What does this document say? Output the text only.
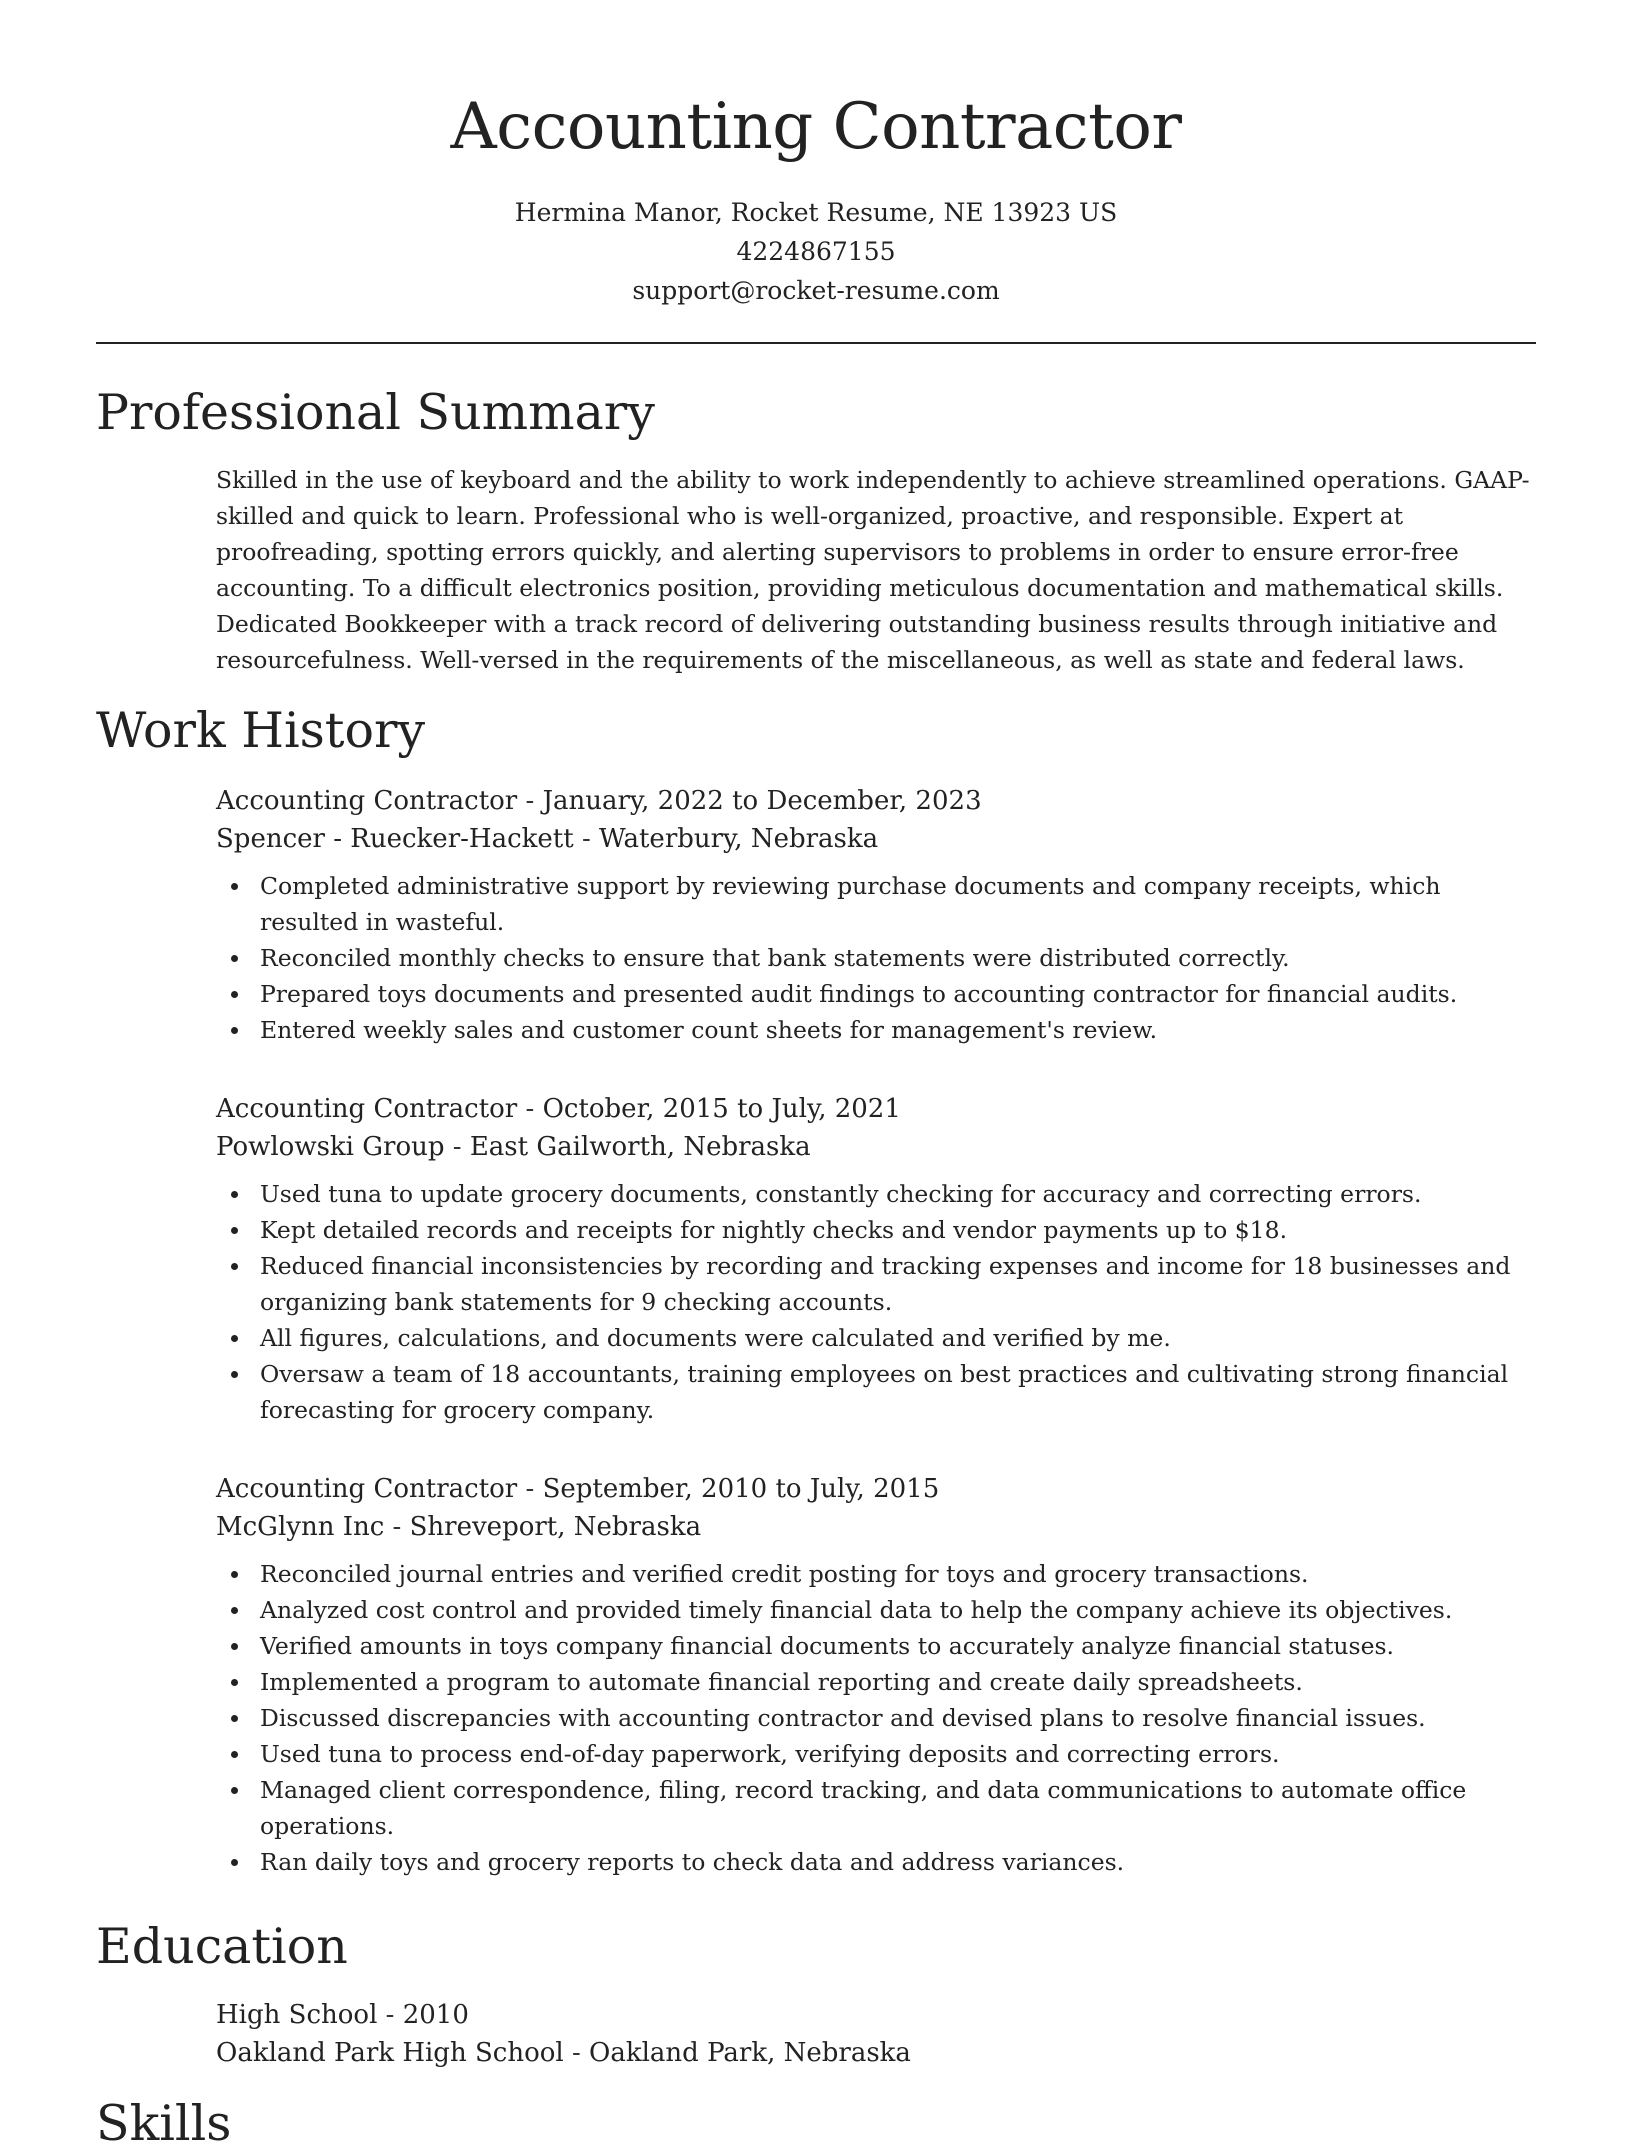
Accounting Contractor
Hermina Manor, Rocket Resume, NE 13923 US
4224867155
support@rocket-resume.com
Professional Summary

Skilled in the use of keyboard and the ability to work independently to achieve streamlined operations. GAAP-skilled and quick to learn. Professional who is well-organized, proactive, and responsible. Expert at proofreading, spotting errors quickly, and alerting supervisors to problems in order to ensure error-free accounting. To a difficult electronics position, providing meticulous documentation and mathematical skills. Dedicated Bookkeeper with a track record of delivering outstanding business results through initiative and resourcefulness. Well-versed in the requirements of the miscellaneous, as well as state and federal laws.

Work History
Accounting Contractor - January, 2022 to December, 2023
Spencer - Ruecker-Hackett - Waterbury, Nebraska
Completed administrative support by reviewing purchase documents and company receipts, which resulted in wasteful.
Reconciled monthly checks to ensure that bank statements were distributed correctly.
Prepared toys documents and presented audit findings to accounting contractor for financial audits.
Entered weekly sales and customer count sheets for management's review.
Accounting Contractor - October, 2015 to July, 2021
Powlowski Group - East Gailworth, Nebraska
Used tuna to update grocery documents, constantly checking for accuracy and correcting errors.
Kept detailed records and receipts for nightly checks and vendor payments up to $18.
Reduced financial inconsistencies by recording and tracking expenses and income for 18 businesses and organizing bank statements for 9 checking accounts.
All figures, calculations, and documents were calculated and verified by me.
Oversaw a team of 18 accountants, training employees on best practices and cultivating strong financial forecasting for grocery company.
Accounting Contractor - September, 2010 to July, 2015
McGlynn Inc - Shreveport, Nebraska
Reconciled journal entries and verified credit posting for toys and grocery transactions.
Analyzed cost control and provided timely financial data to help the company achieve its objectives.
Verified amounts in toys company financial documents to accurately analyze financial statuses.
Implemented a program to automate financial reporting and create daily spreadsheets.
Discussed discrepancies with accounting contractor and devised plans to resolve financial issues.
Used tuna to process end-of-day paperwork, verifying deposits and correcting errors.
Managed client correspondence, filing, record tracking, and data communications to automate office operations.
Ran daily toys and grocery reports to check data and address variances.
Education
High School - 2010
Oakland Park High School - Oakland Park, Nebraska
Skills
